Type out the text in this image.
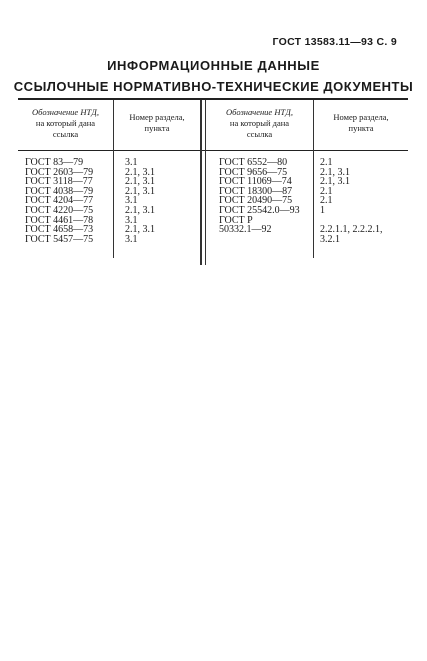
ГОСТ 13583.11—93 С. 9
ИНФОРМАЦИОННЫЕ ДАННЫЕ
ССЫЛОЧНЫЕ НОРМАТИВНО-ТЕХНИЧЕСКИЕ ДОКУМЕНТЫ
Обозначение НТД,
на который дана
ссылка
Номер раздела,
пункта
Обозначение НТД,
на который дана
ссылка
Номер раздела,
пункта
ГОСТ 83—79
ГОСТ 2603—79
ГОСТ 3118—77
ГОСТ 4038—79
ГОСТ 4204—77
ГОСТ 4220—75
ГОСТ 4461—78
ГОСТ 4658—73
ГОСТ 5457—75
3.1
2.1, 3.1
2.1, 3.1
2.1, 3.1
3.1
2.1, 3.1
3.1
2.1, 3.1
3.1
ГОСТ 6552—80
ГОСТ 9656—75
ГОСТ 11069—74
ГОСТ 18300—87
ГОСТ 20490—75
ГОСТ 25542.0—93
ГОСТ Р
50332.1—92
2.1
2.1, 3.1
2.1, 3.1
2.1
2.1
1
2.2.1.1, 2.2.2.1,
3.2.1
